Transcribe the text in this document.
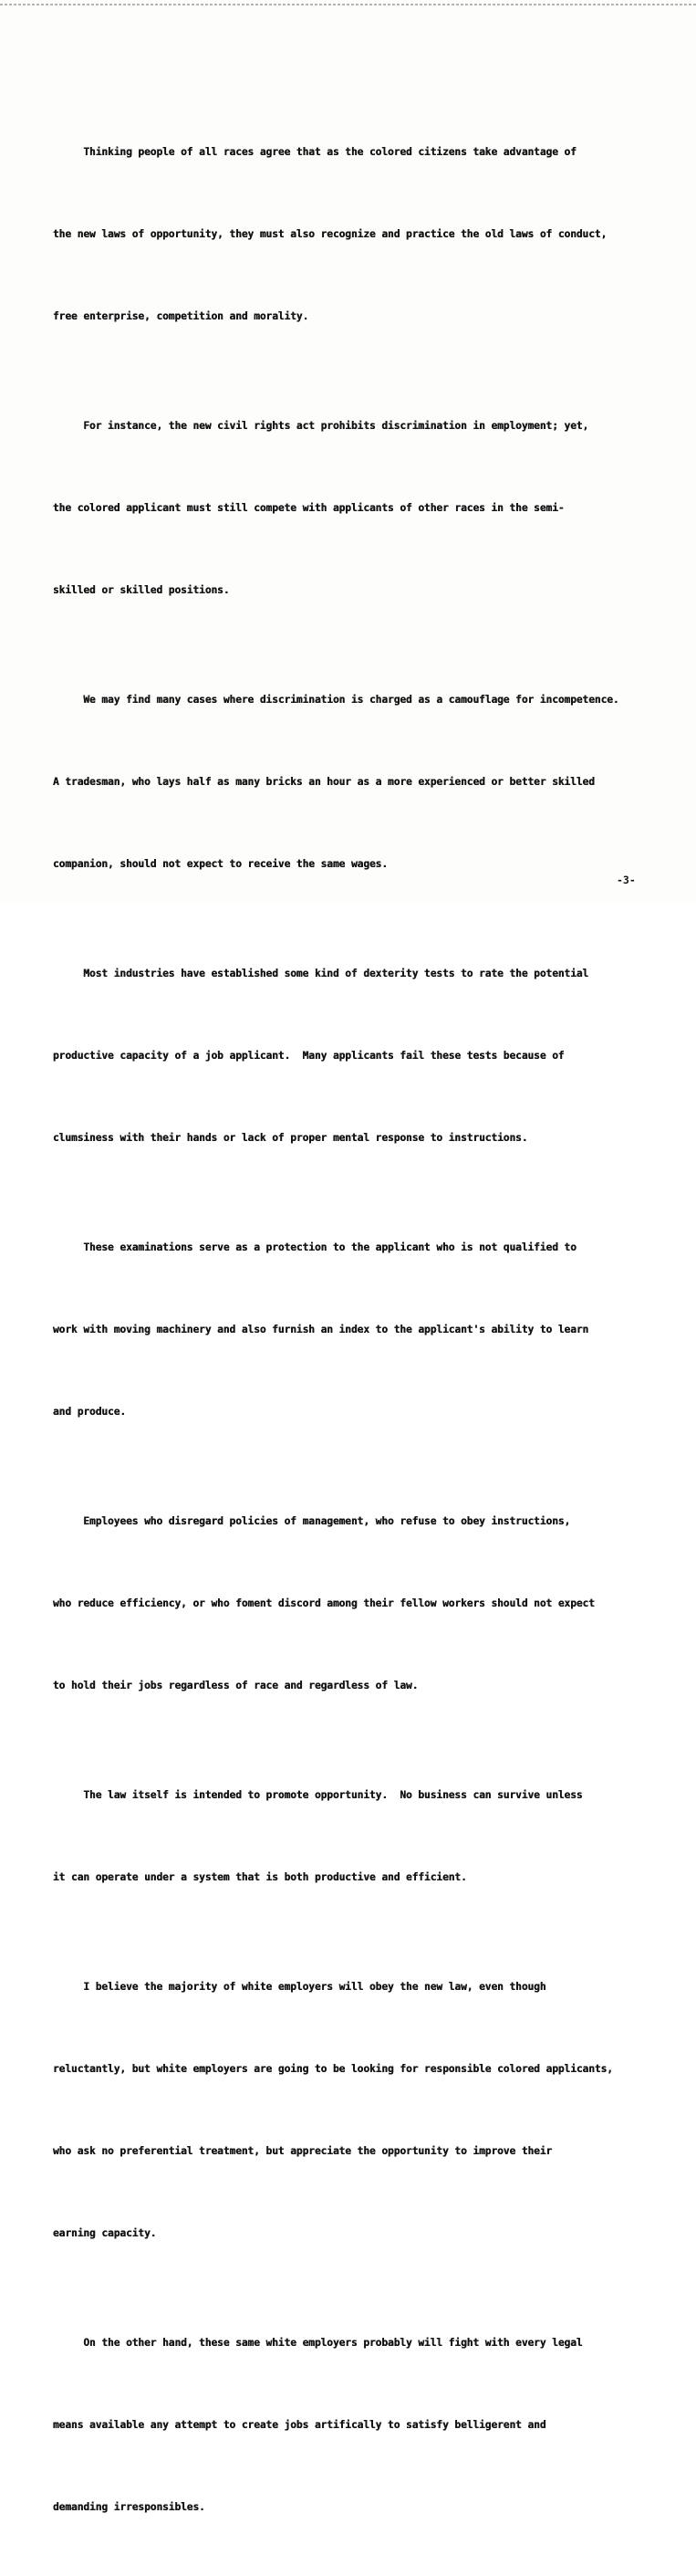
Thinking people of all races agree that as the colored citizens take advantage of

the new laws of opportunity, they must also recognize and practice the old laws of conduct,

free enterprise, competition and morality.

For instance, the new civil rights act prohibits discrimination in employment; yet,

the colored applicant must still compete with applicants of other races in the semi-

skilled or skilled positions.

We may find many cases where discrimination is charged as a camouflage for incompetence.

A tradesman, who lays half as many bricks an hour as a more experienced or better skilled

companion, should not expect to receive the same wages.

Most industries have established some kind of dexterity tests to rate the potential

productive capacity of a job applicant.  Many applicants fail these tests because of

clumsiness with their hands or lack of proper mental response to instructions.

These examinations serve as a protection to the applicant who is not qualified to

work with moving machinery and also furnish an index to the applicant's ability to learn

and produce.

Employees who disregard policies of management, who refuse to obey instructions,

who reduce efficiency, or who foment discord among their fellow workers should not expect

to hold their jobs regardless of race and regardless of law.

The law itself is intended to promote opportunity.  No business can survive unless

it can operate under a system that is both productive and efficient.

I believe the majority of white employers will obey the new law, even though

reluctantly, but white employers are going to be looking for responsible colored applicants,

who ask no preferential treatment, but appreciate the opportunity to improve their

earning capacity.

On the other hand, these same white employers probably will fight with every legal

means available any attempt to create jobs artifically to satisfy belligerent and

demanding irresponsibles.

-3-
